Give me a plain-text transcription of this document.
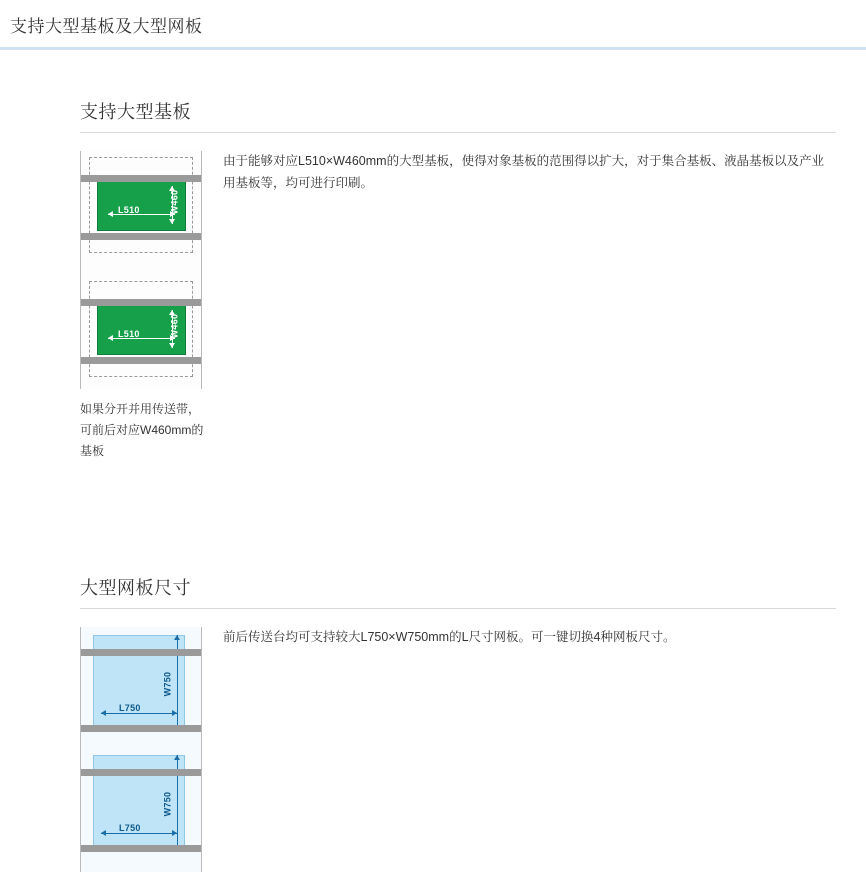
支持大型基板及大型网板
支持大型基板
L510	W460
L510	W460
如果分开并用传送带，可前后对应W460mm的基板
由于能够对应L510×W460mm的大型基板，使得对象基板的范围得以扩大，对于集合基板、液晶基板以及产业用基板等，均可进行印刷。
大型网板尺寸
L750
W750
L750
W750
前后传送台均可支持较大L750×W750mm的L尺寸网板。可一键切换4种网板尺寸。
